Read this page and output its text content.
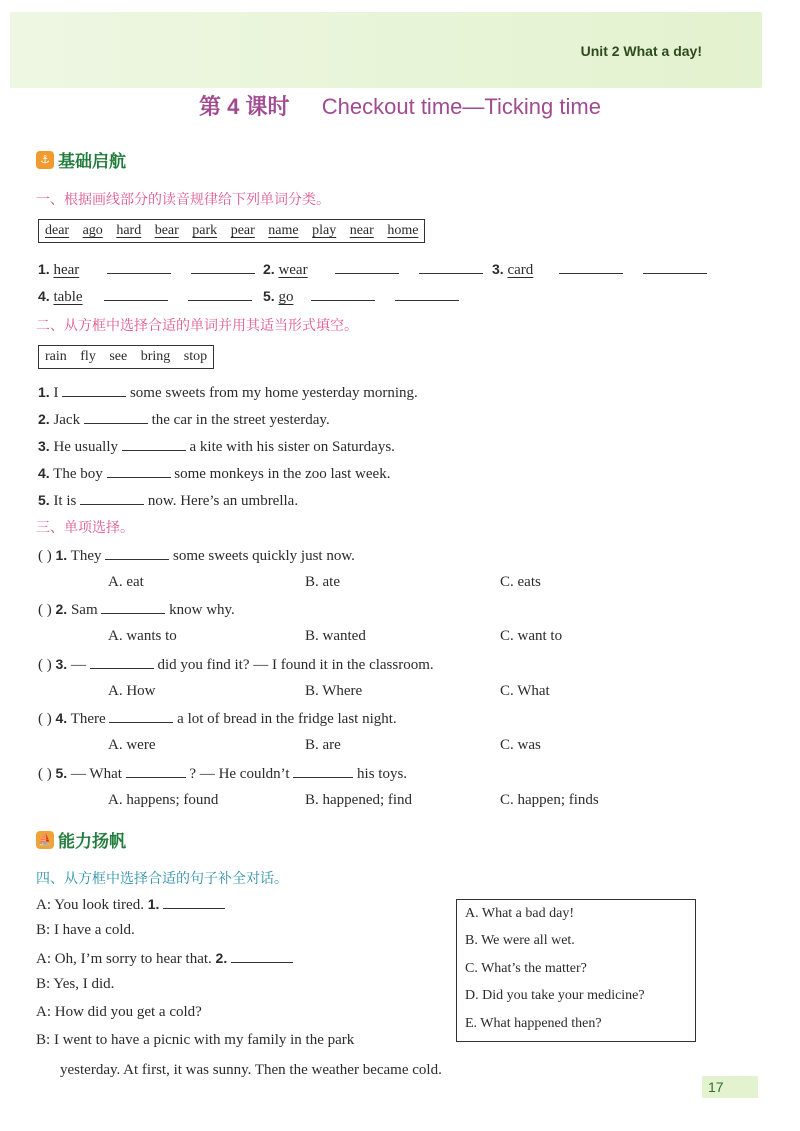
Unit 2 What a day!
第 4 课时 Checkout time—Ticking time
⚓ 基础启航
一、根据画线部分的读音规律给下列单词分类。
dear ago hard bear park pear name play near home
1. hear	2. wear	3. card
4. table	5. go
二、从方框中选择合适的单词并用其适当形式填空。
rain fly see bring stop
1. I	some sweets from my home yesterday morning.
2. Jack	the car in the street yesterday.
3. He usually	a kite with his sister on Saturdays.
4. The boy	some monkeys in the zoo last week.
5. It is	now. Here’s an umbrella.
三、单项选择。
( ) 1. They	some sweets quickly just now.
A. eat	B. ate	C. eats
( ) 2. Sam	know why.
A. wants to	B. wanted	C. want to
( ) 3. —	did you find it? — I found it in the classroom.
A. How	B. Where	C. What
( ) 4. There	a lot of bread in the fridge last night.
A. were	B. are	C. was
( ) 5. — What	? — He couldn’t	his toys.
A. happens; found	B. happened; find	C. happen; finds
⛵ 能力扬帆
四、从方框中选择合适的句子补全对话。
A: You look tired. 1.
B: I have a cold.
A: Oh, I’m sorry to hear that. 2.
B: Yes, I did.
A: How did you get a cold?
B: I went to have a picnic with my family in the park
yesterday. At first, it was sunny. Then the weather became cold.
A. What a bad day!
B. We were all wet.
C. What’s the matter?
D. Did you take your medicine?
E. What happened then?
17
